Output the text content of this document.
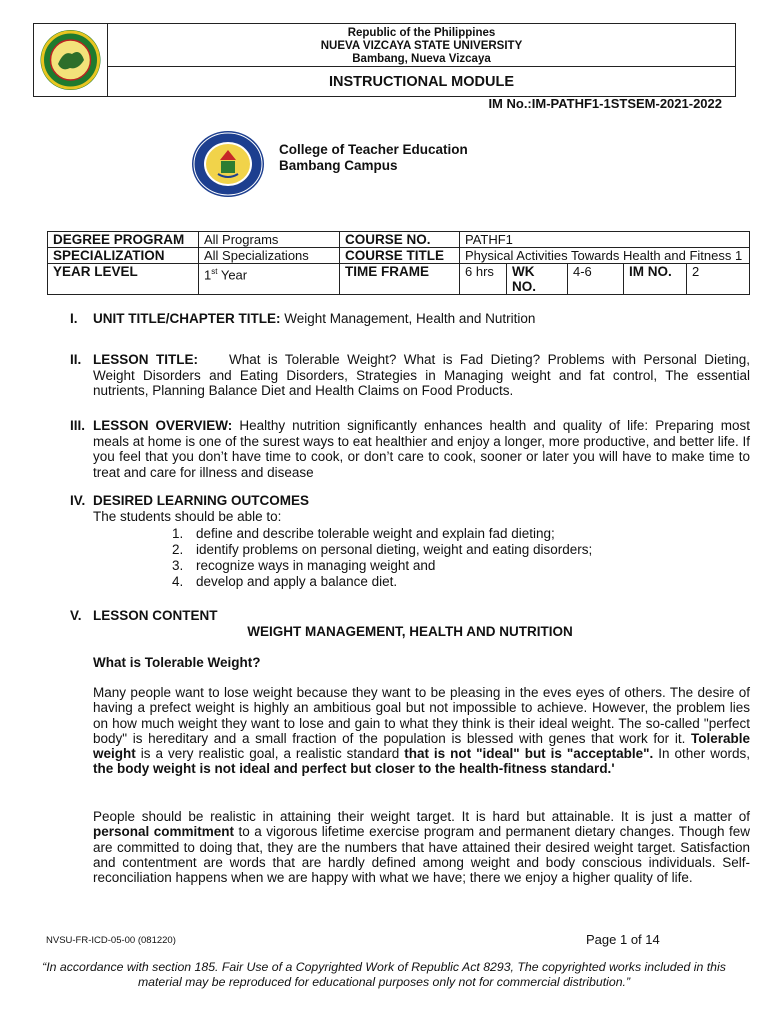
Republic of the Philippines
NUEVA VIZCAYA STATE UNIVERSITY
Bambang, Nueva Vizcaya
INSTRUCTIONAL MODULE
IM No.:IM-PATHF1-1STSEM-2021-2022
College of Teacher Education
Bambang Campus
DEGREE PROGRAM	All Programs	COURSE NO.	PATHF1				
SPECIALIZATION	All Specializations	COURSE TITLE	Physical Activities Towards Health and Fitness 1				
YEAR LEVEL	1st Year	TIME FRAME	6 hrs	WK NO.	4-6	IM NO.	2
I. UNIT TITLE/CHAPTER TITLE: Weight Management, Health and Nutrition
II. LESSON TITLE: What is Tolerable Weight? What is Fad Dieting? Problems with Personal Dieting, Weight Disorders and Eating Disorders, Strategies in Managing weight and fat control, The essential nutrients, Planning Balance Diet and Health Claims on Food Products.
III. LESSON OVERVIEW: Healthy nutrition significantly enhances health and quality of life: Preparing most meals at home is one of the surest ways to eat healthier and enjoy a longer, more productive, and better life. If you feel that you don’t have time to cook, or don’t care to cook, sooner or later you will have to make time to treat and care for illness and disease
IV. DESIRED LEARNING OUTCOMES
The students should be able to:
1. define and describe tolerable weight and explain fad dieting;
2. identify problems on personal dieting, weight and eating disorders;
3. recognize ways in managing weight and
4. develop and apply a balance diet.
V. LESSON CONTENT
WEIGHT MANAGEMENT, HEALTH AND NUTRITION
What is Tolerable Weight?
Many people want to lose weight because they want to be pleasing in the eves eyes of others. The desire of having a prefect weight is highly an ambitious goal but not impossible to achieve. However, the problem lies on how much weight they want to lose and gain to what they think is their ideal weight. The so-called "perfect body" is hereditary and a small fraction of the population is blessed with genes that work for it. Tolerable weight is a very realistic goal, a realistic standard that is not "ideal" but is "acceptable". In other words, the body weight is not ideal and perfect but closer to the health-fitness standard.'
People should be realistic in attaining their weight target. It is hard but attainable. It is just a matter of personal commitment to a vigorous lifetime exercise program and permanent dietary changes. Though few are committed to doing that, they are the numbers that have attained their desired weight target. Satisfaction and contentment are words that are hardly defined among weight and body conscious individuals. Self-reconciliation happens when we are happy with what we have; there we enjoy a higher quality of life.
NVSU-FR-ICD-05-00 (081220)	Page 1 of 14
“In accordance with section 185. Fair Use of a Copyrighted Work of Republic Act 8293, The copyrighted works included in this material may be reproduced for educational purposes only not for commercial distribution.”
